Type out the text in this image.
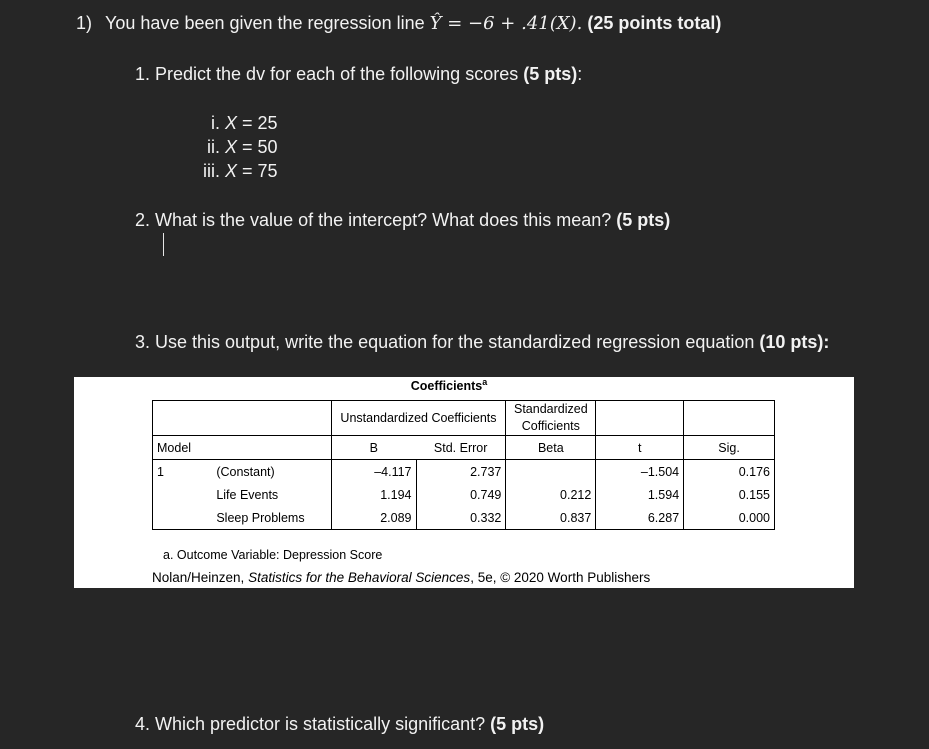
1) You have been given the regression line Ŷ = −6 + .41(X). (25 points total)
1. Predict the dv for each of the following scores (5 pts):
i. X = 25
ii. X = 50
iii. X = 75
2. What is the value of the intercept? What does this mean? (5 pts)
3. Use this output, write the equation for the standardized regression equation (10 pts):
Coefficients$^a$
		Unstandardized Coefficients		Standardized
Cofficients		
Model		B	Std. Error	Beta	t	Sig.
1	(Constant)	–4.117	2.737		–1.504	0.176
	Life Events	1.194	0.749	0.212	1.594	0.155
	Sleep Problems	2.089	0.332	0.837	6.287	0.000
a. Outcome Variable: Depression Score
Nolan/Heinzen, Statistics for the Behavioral Sciences, 5e, © 2020 Worth Publishers
4. Which predictor is statistically significant? (5 pts)
